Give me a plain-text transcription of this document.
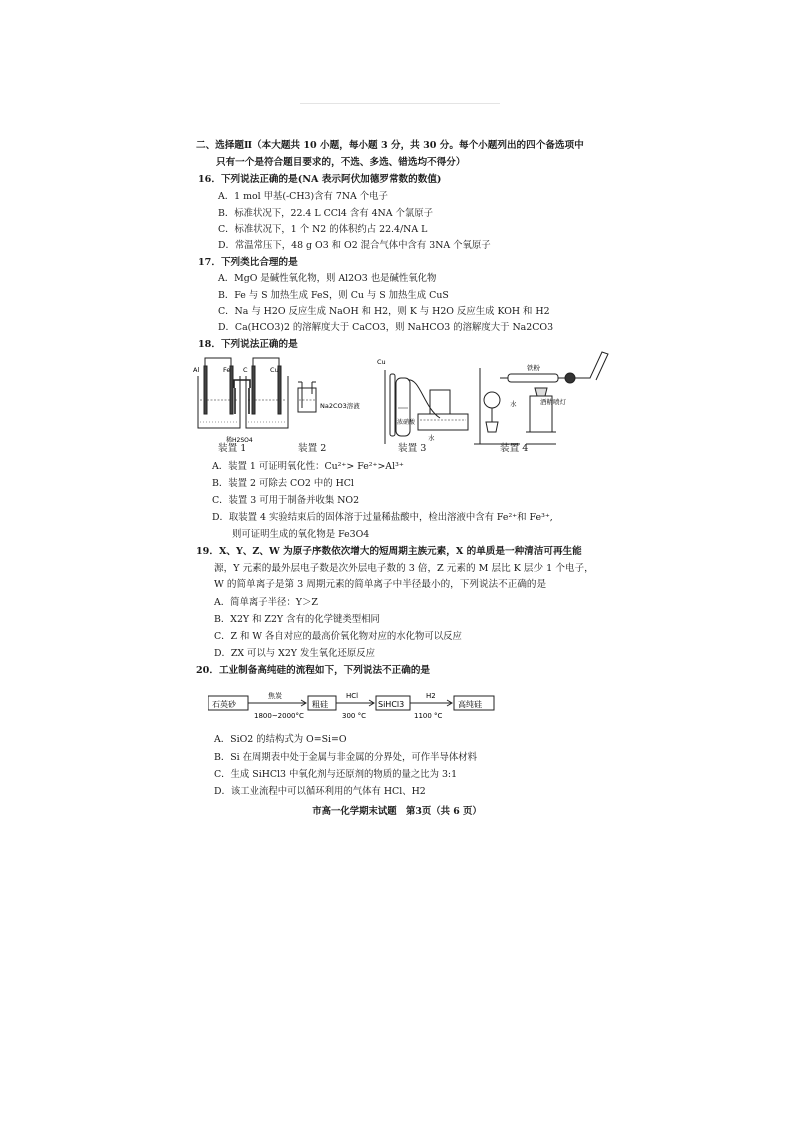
二、选择题Ⅱ（本大题共 10 小题，每小题 3 分，共 30 分。每个小题列出的四个备选项中
只有一个是符合题目要求的，不选、多选、错选均不得分）
16．下列说法正确的是(NA 表示阿伏加德罗常数的数值)
A．1 mol 甲基(-CH3)含有 7NA 个电子
B．标准状况下，22.4 L CCl4 含有 4NA 个氯原子
C．标准状况下，1 个 N2 的体积约占 22.4/NA L
D．常温常压下，48 g O3 和 O2 混合气体中含有 3NA 个氧原子
17．下列类比合理的是
A．MgO 是碱性氧化物，则 Al2O3 也是碱性氧化物
B．Fe 与 S 加热生成 FeS，则 Cu 与 S 加热生成 CuS
C．Na 与 H2O 反应生成 NaOH 和 H2，则 K 与 H2O 反应生成 KOH 和 H2
D．Ca(HCO3)2 的溶解度大于 CaCO3，则 NaHCO3 的溶解度大于 Na2CO3
18．下列说法正确的是
Al	Fe C	Cu
稀H2SO4
Na2CO3溶液
Cu
浓硝酸
水
铁粉
水	酒精喷灯
装置 1	装置 2	装置 3	装置 4
A．装置 1 可证明氧化性：Cu²⁺> Fe²⁺>Al³⁺
B．装置 2 可除去 CO2 中的 HCl
C．装置 3 可用于制备并收集 NO2
D．取装置 4 实验结束后的固体溶于过量稀盐酸中，检出溶液中含有 Fe²⁺和 Fe³⁺,
则可证明生成的氧化物是 Fe3O4
19．X、Y、Z、W 为原子序数依次增大的短周期主族元素，X 的单质是一种清洁可再生能
源，Y 元素的最外层电子数是次外层电子数的 3 倍，Z 元素的 M 层比 K 层少 1 个电子，
W 的简单离子是第 3 周期元素的简单离子中半径最小的，下列说法不正确的是
A．简单离子半径：Y＞Z
B．X2Y 和 Z2Y 含有的化学键类型相同
C．Z 和 W 各自对应的最高价氧化物对应的水化物可以反应
D．ZX 可以与 X2Y 发生氧化还原反应
20．工业制备高纯硅的流程如下，下列说法不正确的是
石英砂
焦炭
1800~2000°C
粗硅
HCl
300 °C
SiHCl3
H2
1100 °C
高纯硅
A．SiO2 的结构式为 O=Si=O
B．Si 在周期表中处于金属与非金属的分界处，可作半导体材料
C．生成 SiHCl3 中氧化剂与还原剂的物质的量之比为 3:1
D．该工业流程中可以循环利用的气体有 HCl、H2
市高一化学期末试题　第3页（共 6 页）
